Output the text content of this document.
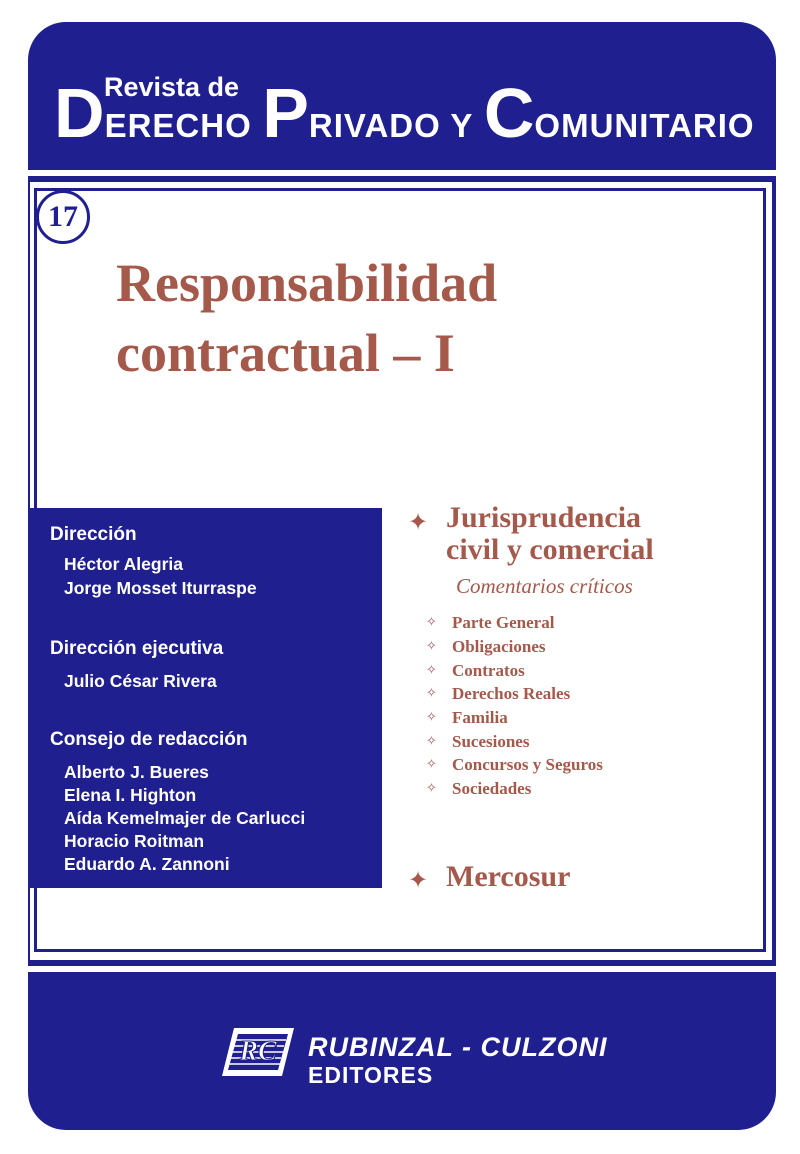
Revista de
DERECHO PRIVADO Y COMUNITARIO
RC RUBINZAL - CULZONI
EDITORES
17
Responsabilidad
contractual – I
Dirección
Héctor Alegria
Jorge Mosset Iturraspe
Dirección ejecutiva
Julio César Rivera
Consejo de redacción
Alberto J. Bueres
Elena I. Highton
Aída Kemelmajer de Carlucci
Horacio Roitman
Eduardo A. Zannoni
✦ Jurisprudencia
civil y comercial
Comentarios críticos
✧ Parte General
✧ Obligaciones
✧ Contratos
✧ Derechos Reales
✧ Familia
✧ Sucesiones
✧ Concursos y Seguros
✧ Sociedades
✦ Mercosur
